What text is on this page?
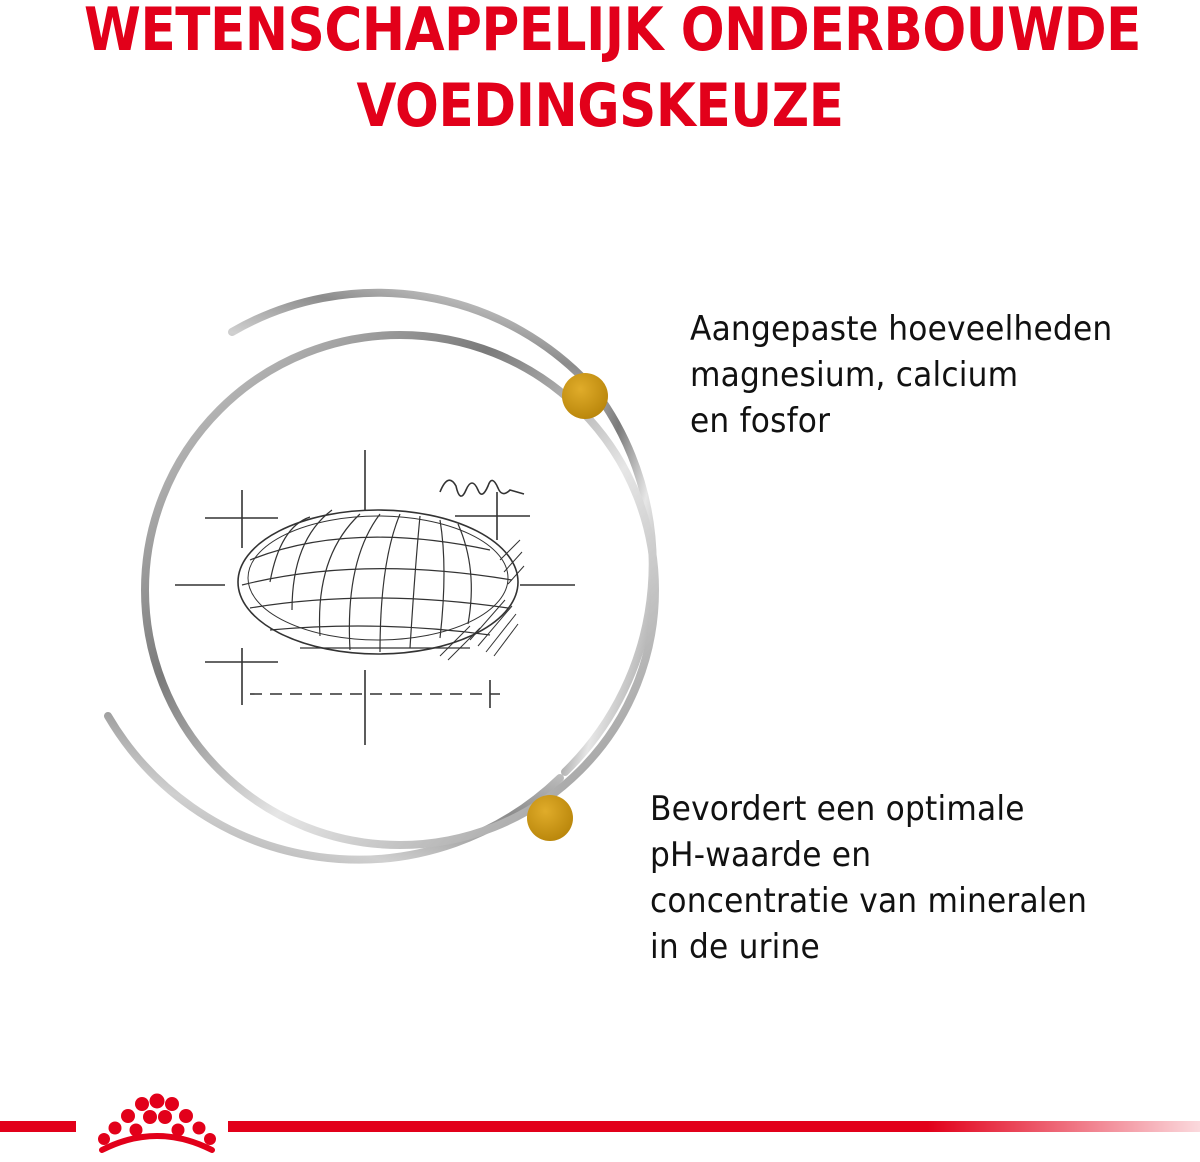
WETENSCHAPPELIJK ONDERBOUWDE
VOEDINGSKEUZE
Aangepaste hoeveelheden
magnesium, calcium
en fosfor
Bevordert een optimale
pH-waarde en
concentratie van mineralen
in de urine
